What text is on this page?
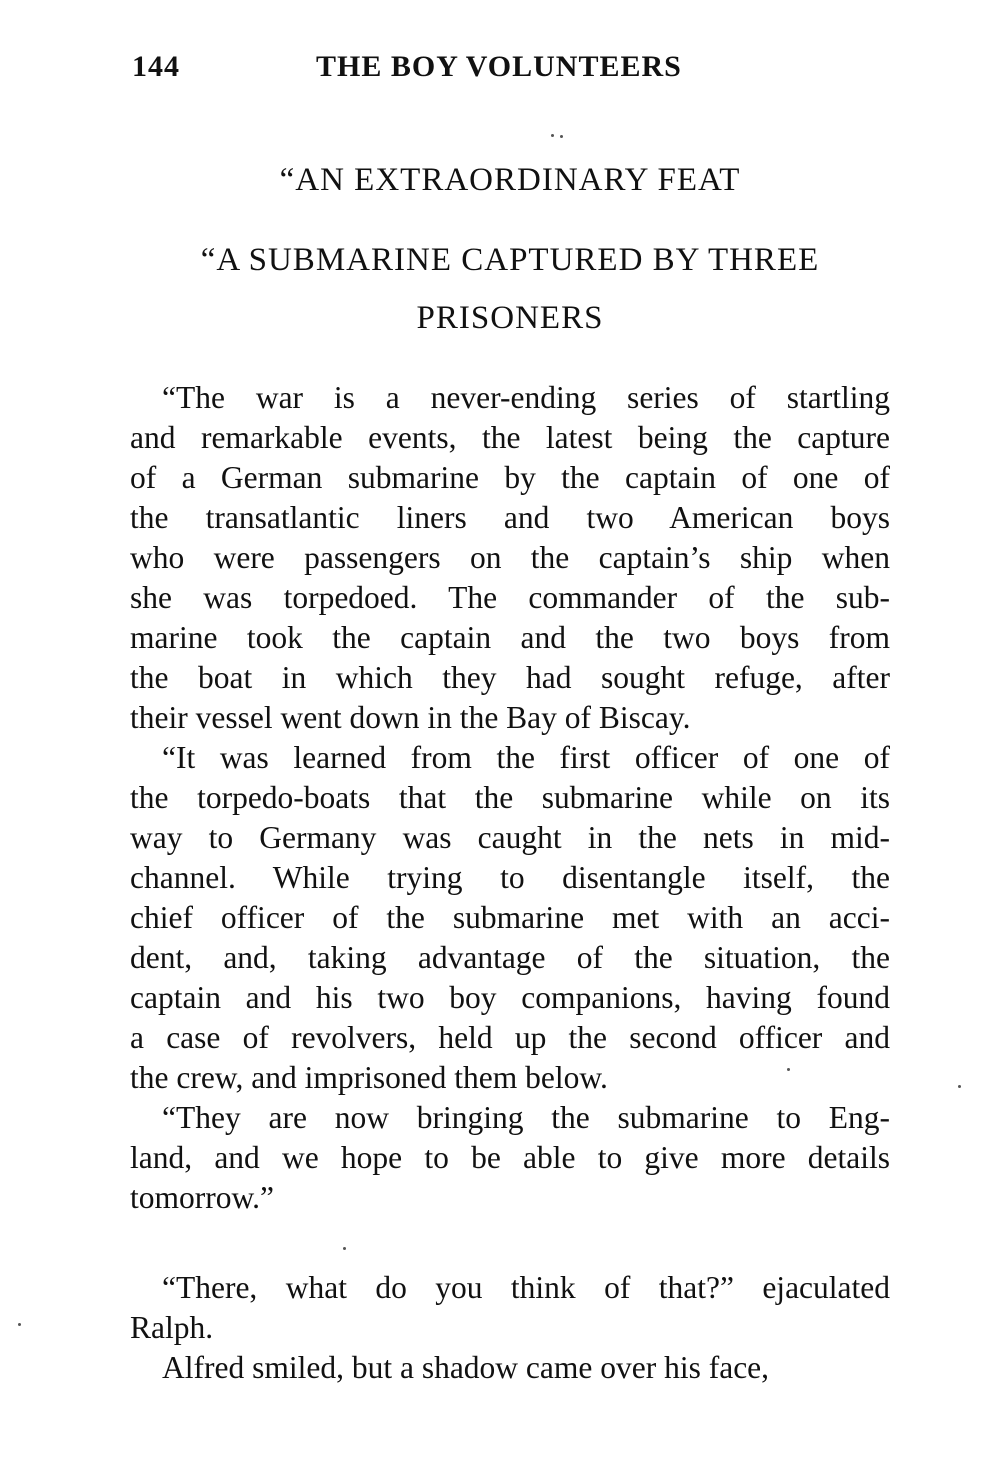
144	THE BOY VOLUNTEERS
“AN EXTRAORDINARY FEAT
“A SUBMARINE CAPTURED BY THREE
PRISONERS
“The war is a never-ending series of startling
and remarkable events, the latest being the capture
of a German submarine by the captain of one of
the transatlantic liners and two American boys
who were passengers on the captain’s ship when
she was torpedoed. The commander of the sub-
marine took the captain and the two boys from
the boat in which they had sought refuge, after
their vessel went down in the Bay of Biscay.
“It was learned from the first officer of one of
the torpedo-boats that the submarine while on its
way to Germany was caught in the nets in mid-
channel. While trying to disentangle itself, the
chief officer of the submarine met with an acci-
dent, and, taking advantage of the situation, the
captain and his two boy companions, having found
a case of revolvers, held up the second officer and
the crew, and imprisoned them below.
“They are now bringing the submarine to Eng-
land, and we hope to be able to give more details
tomorrow.”
“There, what do you think of that?” ejaculated
Ralph.
Alfred smiled, but a shadow came over his face,
